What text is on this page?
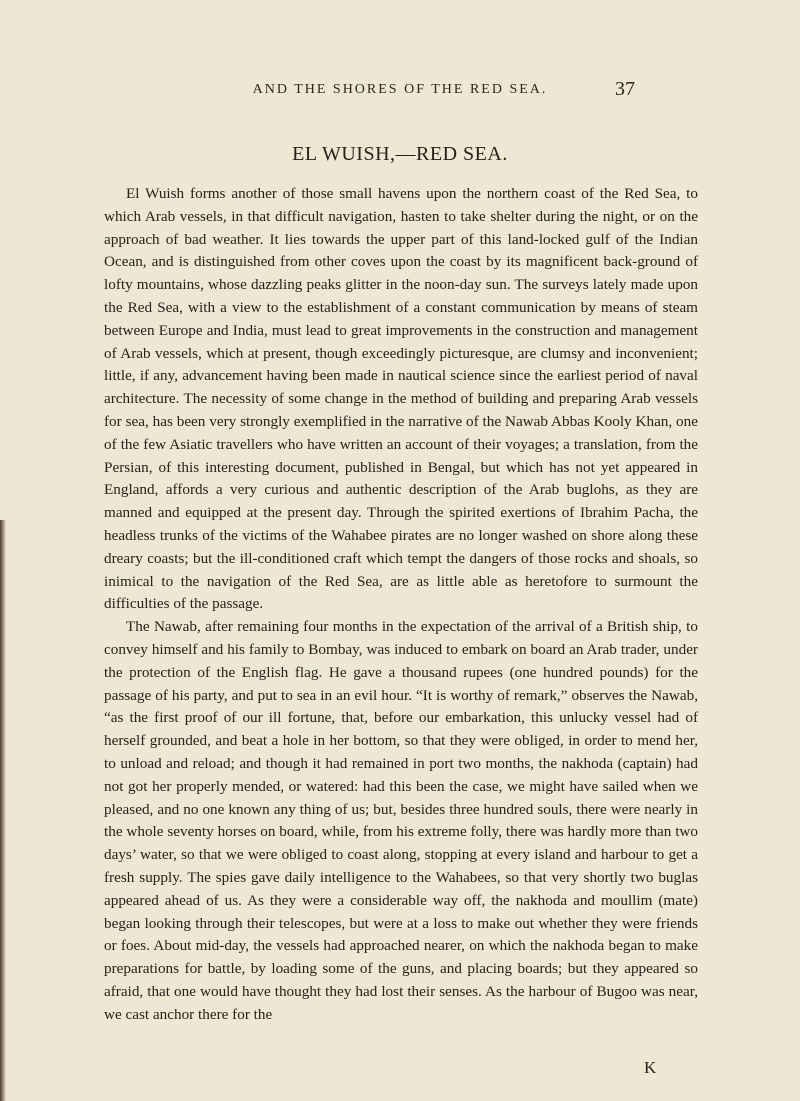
AND THE SHORES OF THE RED SEA.	37
EL WUISH,—RED SEA.

El Wuish forms another of those small havens upon the northern coast of the Red Sea, to which Arab vessels, in that difficult navigation, hasten to take shelter during the night, or on the approach of bad weather. It lies towards the upper part of this land-locked gulf of the Indian Ocean, and is distinguished from other coves upon the coast by its magnificent back-ground of lofty mountains, whose dazzling peaks glitter in the noon-day sun. The surveys lately made upon the Red Sea, with a view to the establishment of a constant communication by means of steam between Europe and India, must lead to great improvements in the construction and management of Arab vessels, which at present, though exceedingly picturesque, are clumsy and inconvenient; little, if any, advancement having been made in nautical science since the earliest period of naval architecture. The necessity of some change in the method of building and preparing Arab vessels for sea, has been very strongly exemplified in the narrative of the Nawab Abbas Kooly Khan, one of the few Asiatic travellers who have written an account of their voyages; a translation, from the Persian, of this interesting document, published in Bengal, but which has not yet appeared in England, affords a very curious and authentic description of the Arab buglohs, as they are manned and equipped at the present day. Through the spirited exertions of Ibrahim Pacha, the headless trunks of the victims of the Wahabee pirates are no longer washed on shore along these dreary coasts; but the ill-conditioned craft which tempt the dangers of those rocks and shoals, so inimical to the navigation of the Red Sea, are as little able as heretofore to surmount the difficulties of the passage.

The Nawab, after remaining four months in the expectation of the arrival of a British ship, to convey himself and his family to Bombay, was induced to embark on board an Arab trader, under the protection of the English flag. He gave a thousand rupees (one hundred pounds) for the passage of his party, and put to sea in an evil hour. “It is worthy of remark,” observes the Nawab, “as the first proof of our ill fortune, that, before our embarkation, this unlucky vessel had of herself grounded, and beat a hole in her bottom, so that they were obliged, in order to mend her, to unload and reload; and though it had remained in port two months, the nakhoda (captain) had not got her properly mended, or watered: had this been the case, we might have sailed when we pleased, and no one known any thing of us; but, besides three hundred souls, there were nearly in the whole seventy horses on board, while, from his extreme folly, there was hardly more than two days’ water, so that we were obliged to coast along, stopping at every island and harbour to get a fresh supply. The spies gave daily intelligence to the Wahabees, so that very shortly two buglas appeared ahead of us. As they were a considerable way off, the nakhoda and moullim (mate) began looking through their telescopes, but were at a loss to make out whether they were friends or foes. About mid-day, the vessels had approached nearer, on which the nakhoda began to make preparations for battle, by loading some of the guns, and placing boards; but they appeared so afraid, that one would have thought they had lost their senses. As the harbour of Bugoo was near, we cast anchor there for the

K
